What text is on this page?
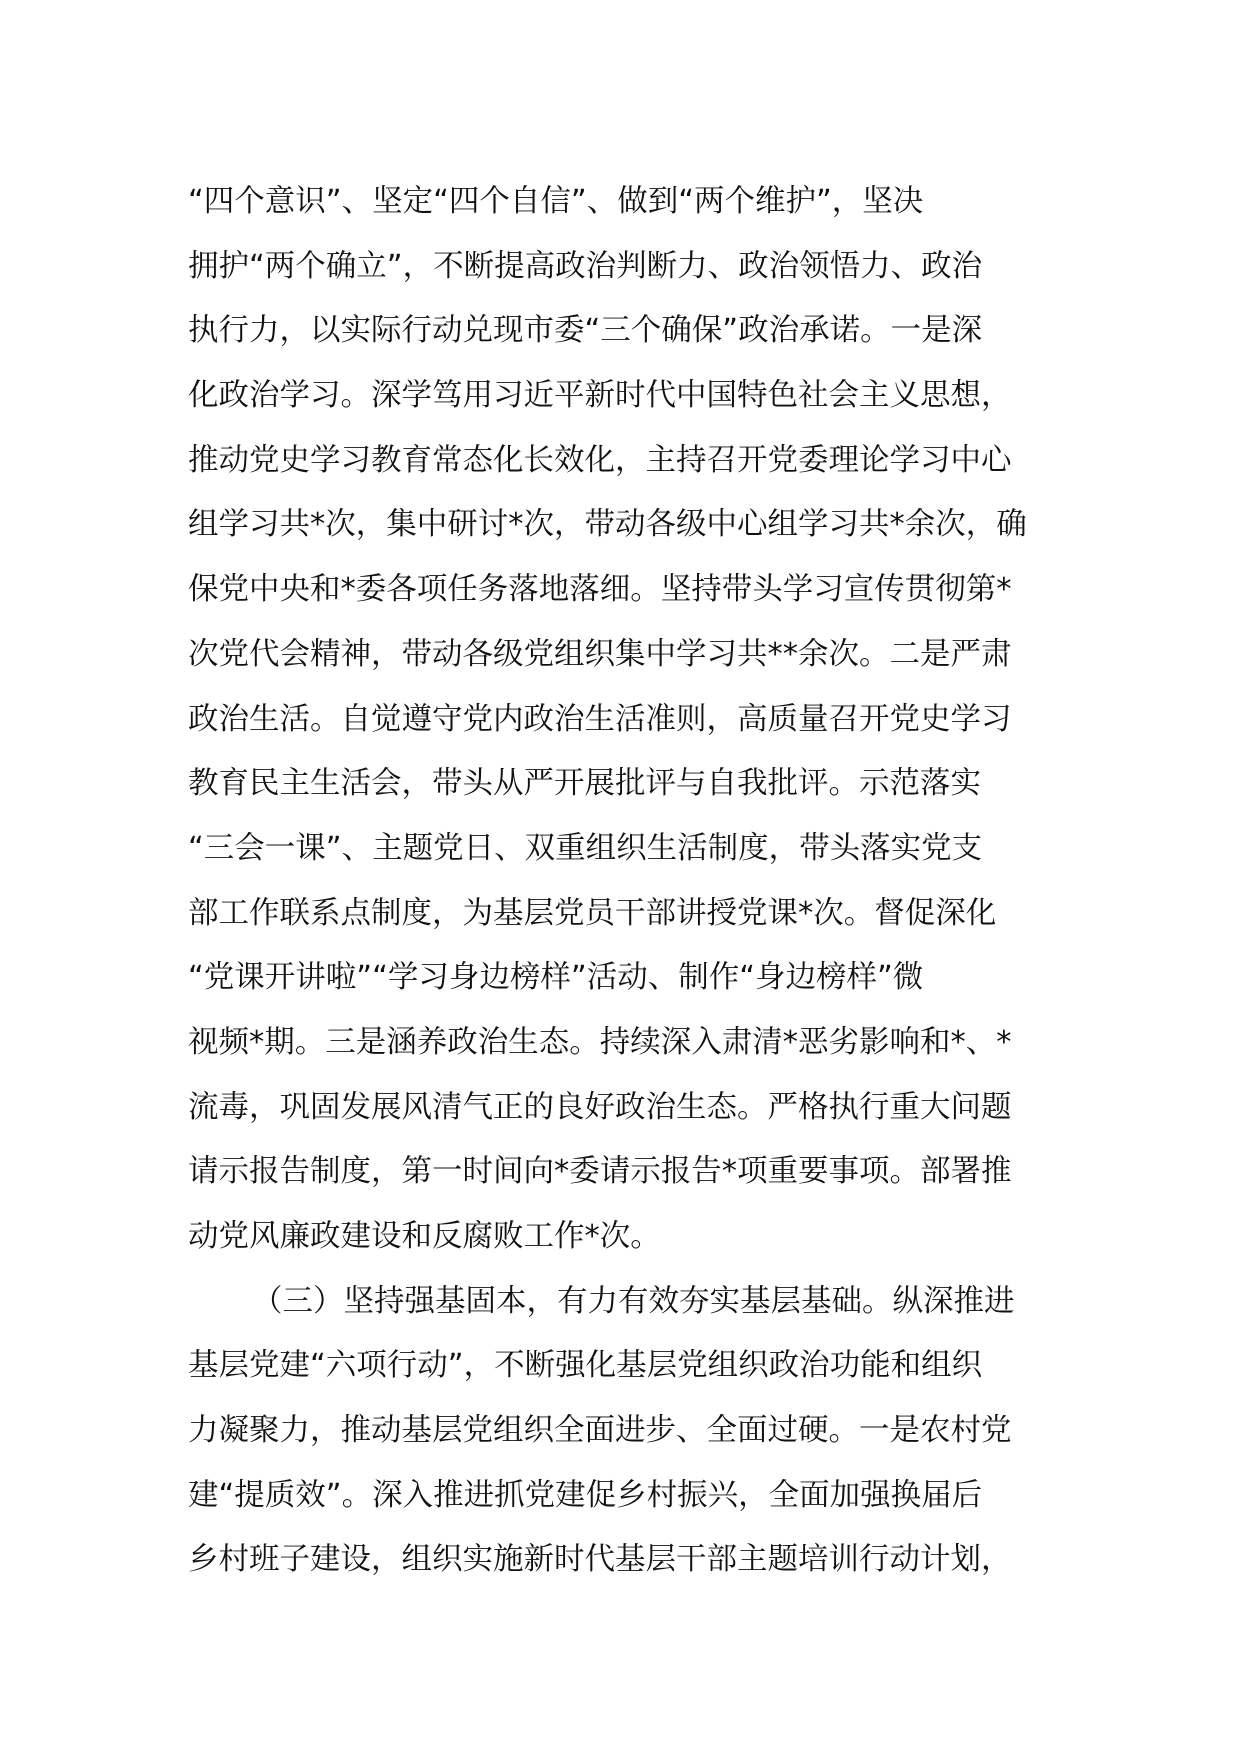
“四个意识”、坚定“四个自信”、做到“两个维护”，坚决
拥护“两个确立”，不断提高政治判断力、政治领悟力、政治
执行力，以实际行动兑现市委“三个确保”政治承诺。一是深
化政治学习。深学笃用习近平新时代中国特色社会主义思想，
推动党史学习教育常态化长效化，主持召开党委理论学习中心
组学习共*次，集中研讨*次，带动各级中心组学习共*余次，确
保党中央和*委各项任务落地落细。坚持带头学习宣传贯彻第*
次党代会精神，带动各级党组织集中学习共**余次。二是严肃
政治生活。自觉遵守党内政治生活准则，高质量召开党史学习
教育民主生活会，带头从严开展批评与自我批评。示范落实
“三会一课”、主题党日、双重组织生活制度，带头落实党支
部工作联系点制度，为基层党员干部讲授党课*次。督促深化
“党课开讲啦”“学习身边榜样”活动、制作“身边榜样”微
视频*期。三是涵养政治生态。持续深入肃清*恶劣影响和*、*
流毒，巩固发展风清气正的良好政治生态。严格执行重大问题
请示报告制度，第一时间向*委请示报告*项重要事项。部署推
动党风廉政建设和反腐败工作*次。
（三）坚持强基固本，有力有效夯实基层基础。纵深推进
基层党建“六项行动”，不断强化基层党组织政治功能和组织
力凝聚力，推动基层党组织全面进步、全面过硬。一是农村党
建“提质效”。深入推进抓党建促乡村振兴，全面加强换届后
乡村班子建设，组织实施新时代基层干部主题培训行动计划，
